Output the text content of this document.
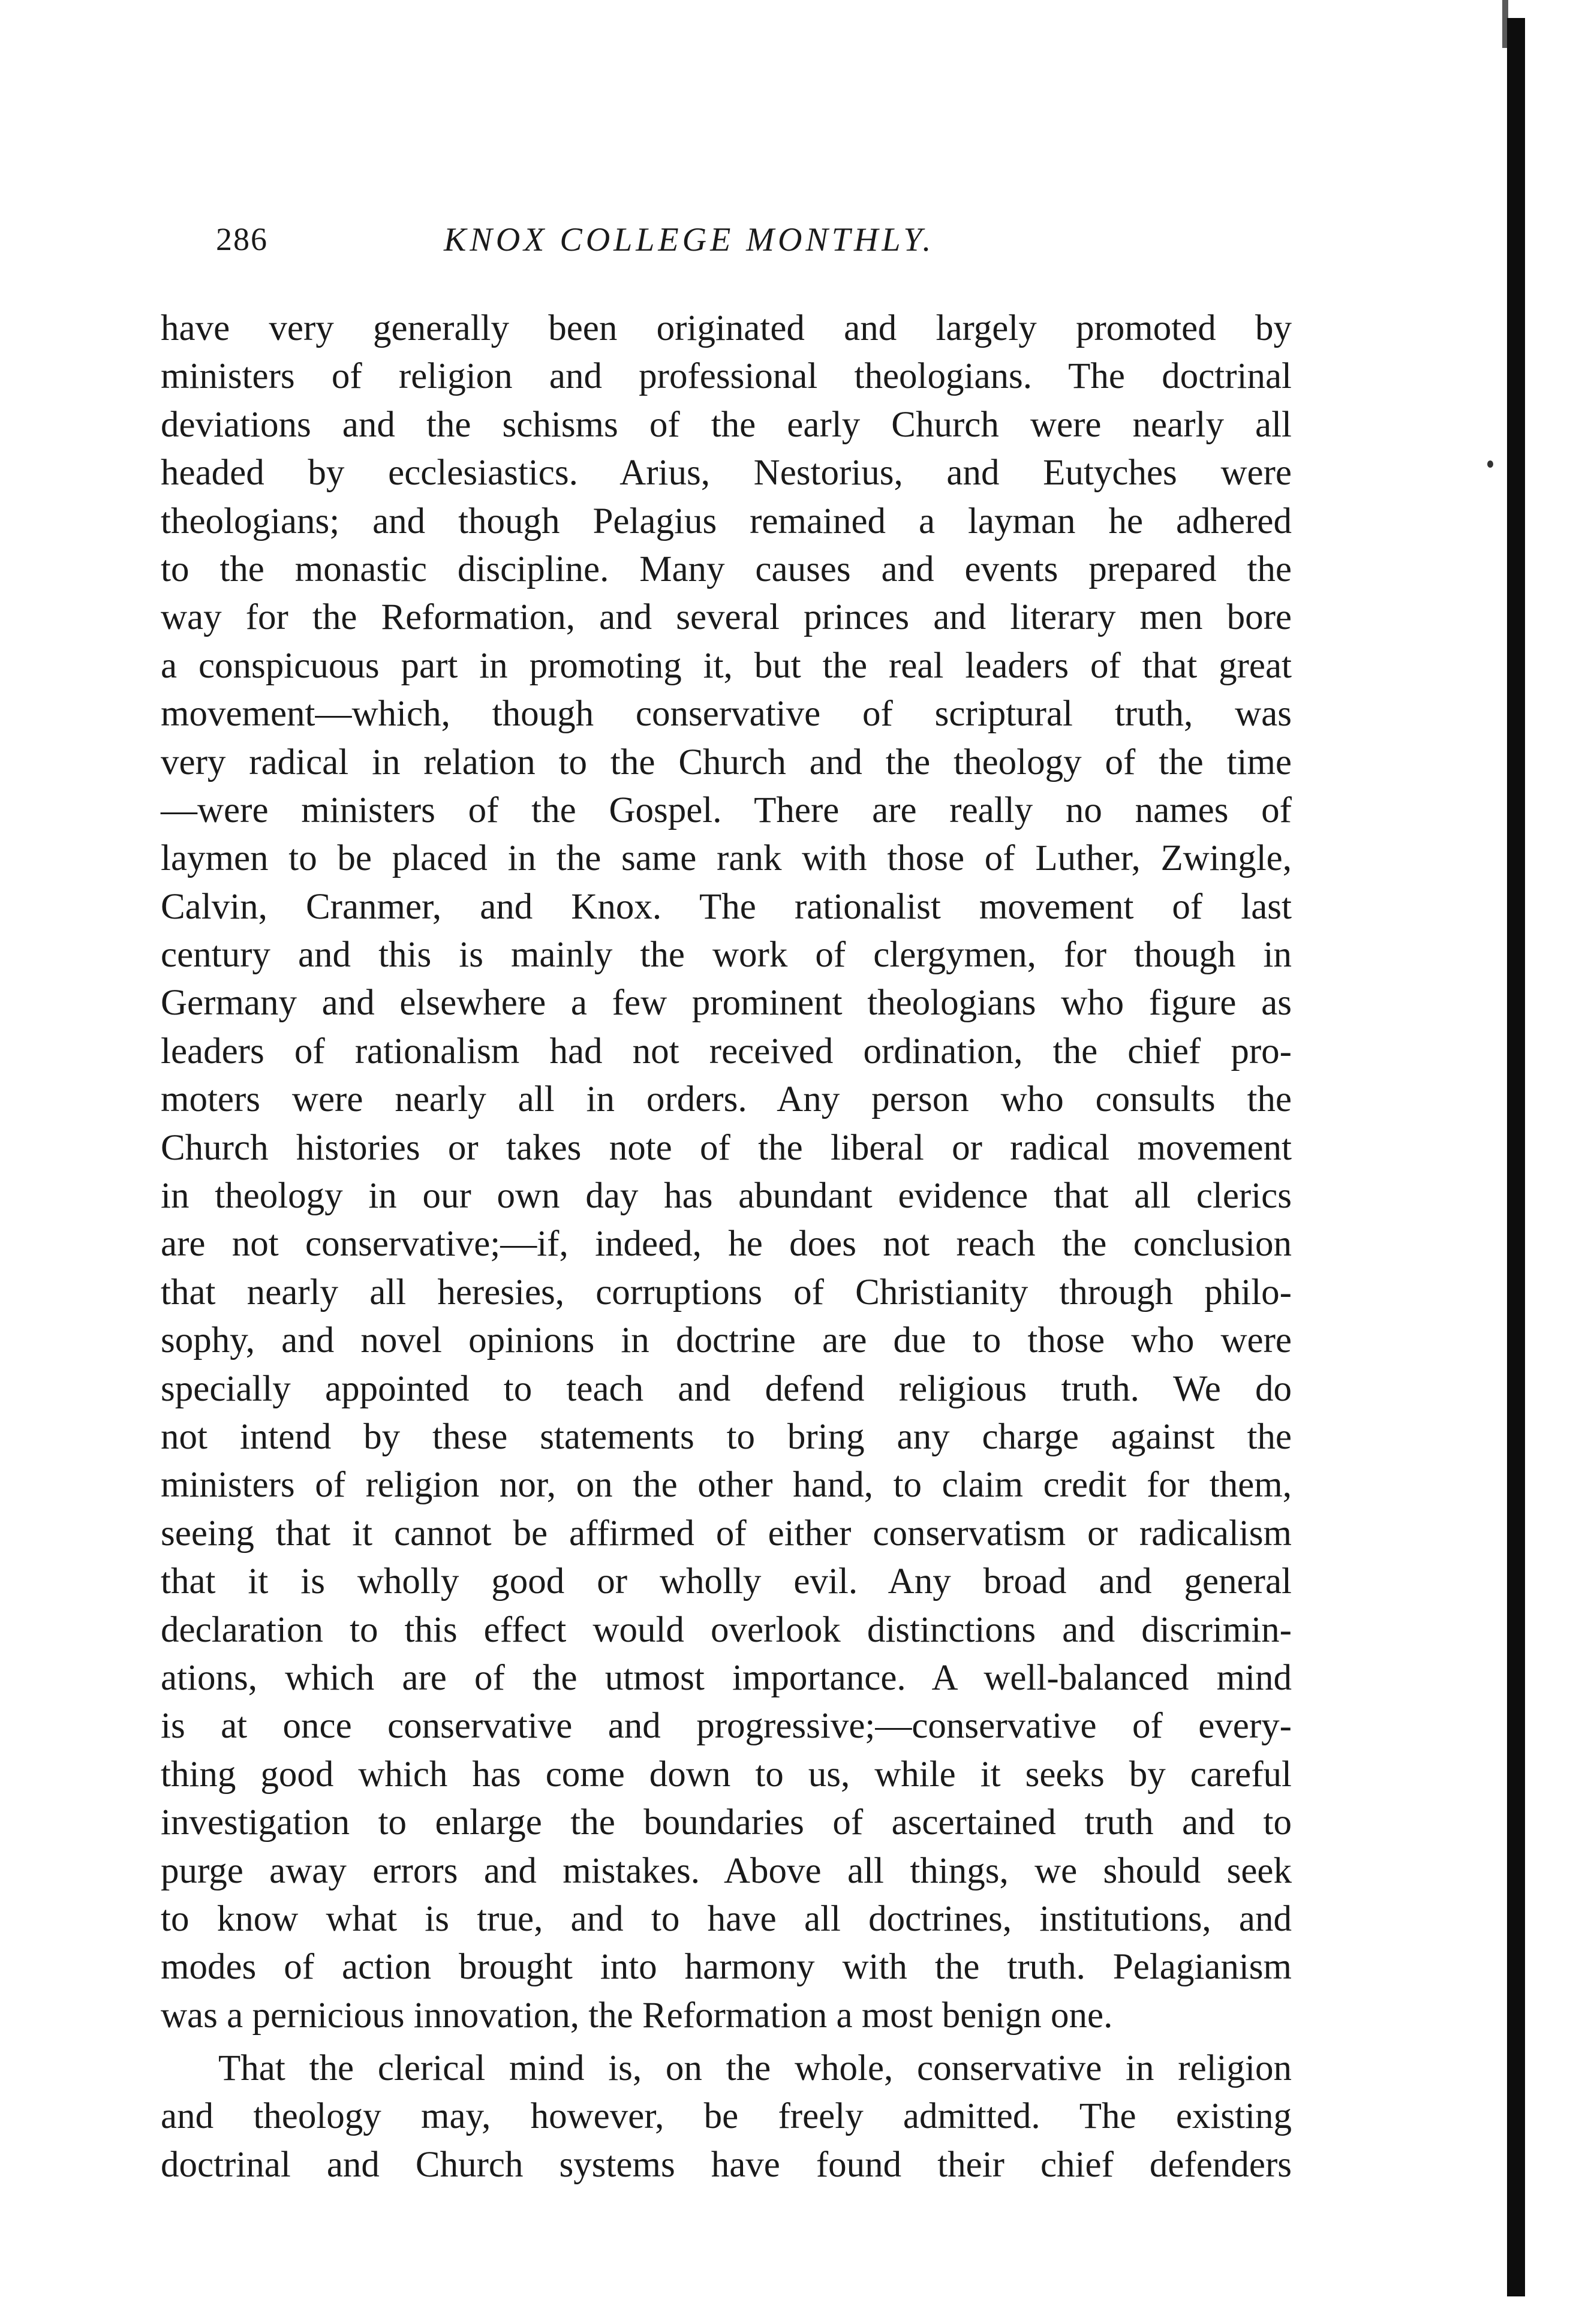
286	KNOX COLLEGE MONTHLY.
have very generally been originated and largely promoted by
ministers of religion and professional theologians. The doctrinal
deviations and the schisms of the early Church were nearly all
headed by ecclesiastics. Arius, Nestorius, and Eutyches were
theologians; and though Pelagius remained a layman he adhered
to the monastic discipline. Many causes and events prepared the
way for the Reformation, and several princes and literary men bore
a conspicuous part in promoting it, but the real leaders of that great
movement—which, though conservative of scriptural truth, was
very radical in relation to the Church and the theology of the time
—were ministers of the Gospel. There are really no names of
laymen to be placed in the same rank with those of Luther, Zwingle,
Calvin, Cranmer, and Knox. The rationalist movement of last
century and this is mainly the work of clergymen, for though in
Germany and elsewhere a few prominent theologians who figure as
leaders of rationalism had not received ordination, the chief pro-
moters were nearly all in orders. Any person who consults the
Church histories or takes note of the liberal or radical movement
in theology in our own day has abundant evidence that all clerics
are not conservative;—if, indeed, he does not reach the conclusion
that nearly all heresies, corruptions of Christianity through philo-
sophy, and novel opinions in doctrine are due to those who were
specially appointed to teach and defend religious truth. We do
not intend by these statements to bring any charge against the
ministers of religion nor, on the other hand, to claim credit for them,
seeing that it cannot be affirmed of either conservatism or radicalism
that it is wholly good or wholly evil. Any broad and general
declaration to this effect would overlook distinctions and discrimin-
ations, which are of the utmost importance. A well-balanced mind
is at once conservative and progressive;—conservative of every-
thing good which has come down to us, while it seeks by careful
investigation to enlarge the boundaries of ascertained truth and to
purge away errors and mistakes. Above all things, we should seek
to know what is true, and to have all doctrines, institutions, and
modes of action brought into harmony with the truth. Pelagianism
was a pernicious innovation, the Reformation a most benign one.
That the clerical mind is, on the whole, conservative in religion
and theology may, however, be freely admitted. The existing
doctrinal and Church systems have found their chief defenders
